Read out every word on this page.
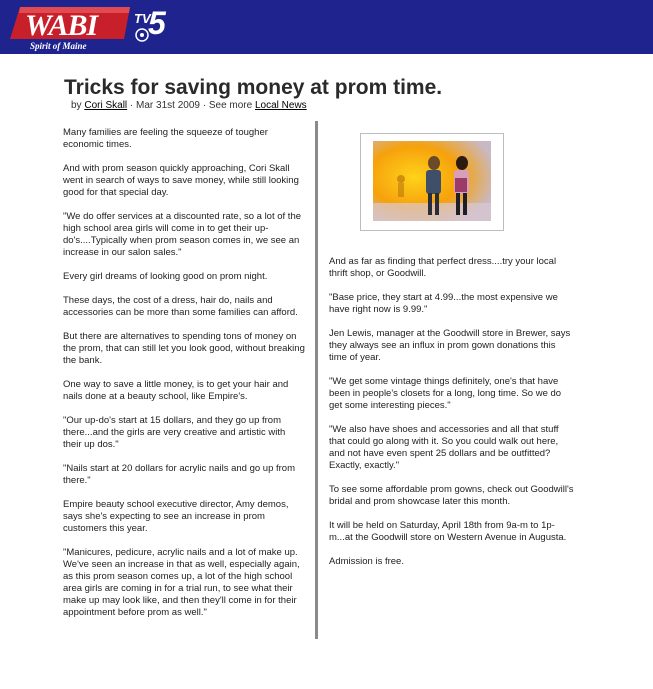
WABI	TV
5
Spirit of Maine
Tricks for saving money at prom time.
by Cori Skall · Mar 31st 2009 · See more Local News

Many families are feeling the squeeze of tougher economic times.

And with prom season quickly approaching, Cori Skall went in search of ways to save money, while still looking good for that special day.

"We do offer services at a discounted rate, so a lot of the high school area girls will come in to get their up-do's....Typically when prom season comes in, we see an increase in our salon sales."

Every girl dreams of looking good on prom night.

These days, the cost of a dress, hair do, nails and accessories can be more than some families can afford.

But there are alternatives to spending tons of money on the prom, that can still let you look good, without breaking the bank.

One way to save a little money, is to get your hair and nails done at a beauty school, like Empire's.

"Our up-do's start at 15 dollars, and they go up from there...and the girls are very creative and artistic with their up dos."

"Nails start at 20 dollars for acrylic nails and go up from there."

Empire beauty school executive director, Amy demos, says she's expecting to see an increase in prom customers this year.

"Manicures, pedicure, acrylic nails and a lot of make up. We've seen an increase in that as well, especially again, as this prom season comes up, a lot of the high school area girls are coming in for a trial run, to see what their make up may look like, and then they'll come in for their appointment before prom as well."

And as far as finding that perfect dress....try your local thrift shop, or Goodwill.

"Base price, they start at 4.99...the most expensive we have right now is 9.99."

Jen Lewis, manager at the Goodwill store in Brewer, says they always see an influx in prom gown donations this time of year.

"We get some vintage things definitely, one's that have been in people's closets for a long, long time. So we do get some interesting pieces."

"We also have shoes and accessories and all that stuff that could go along with it. So you could walk out here, and not have even spent 25 dollars and be outfitted? Exactly, exactly."

To see some affordable prom gowns, check out Goodwill's bridal and prom showcase later this month.

It will be held on Saturday, April 18th from 9a-m to 1p-m...at the Goodwill store on Western Avenue in Augusta.

Admission is free.
